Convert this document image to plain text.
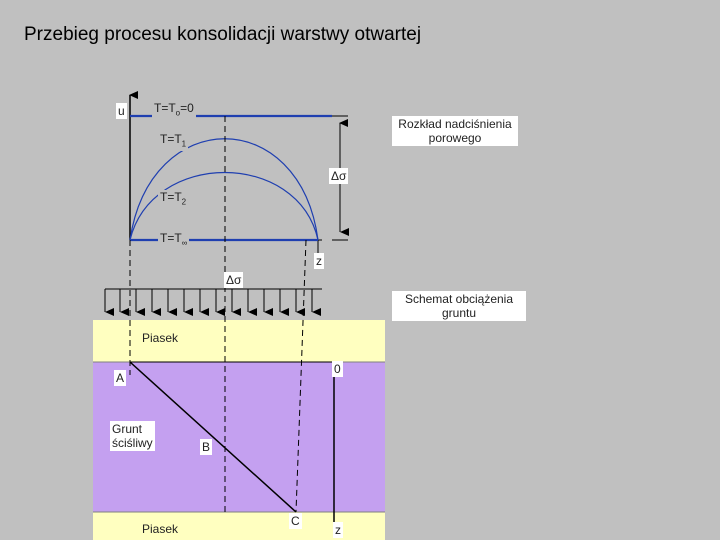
Przebieg procesu konsolidacji warstwy otwartej
u $T=T_o=0$
$T=T_1$
$T=T_2$
$T=T_\infty$
Rozkład nadciśnienia
porowego
Δσ
z
Δσ
Schemat obciążenia
gruntu
Piasek
0
A
Grunt
ściśliwy	B
C
Piasek	z
